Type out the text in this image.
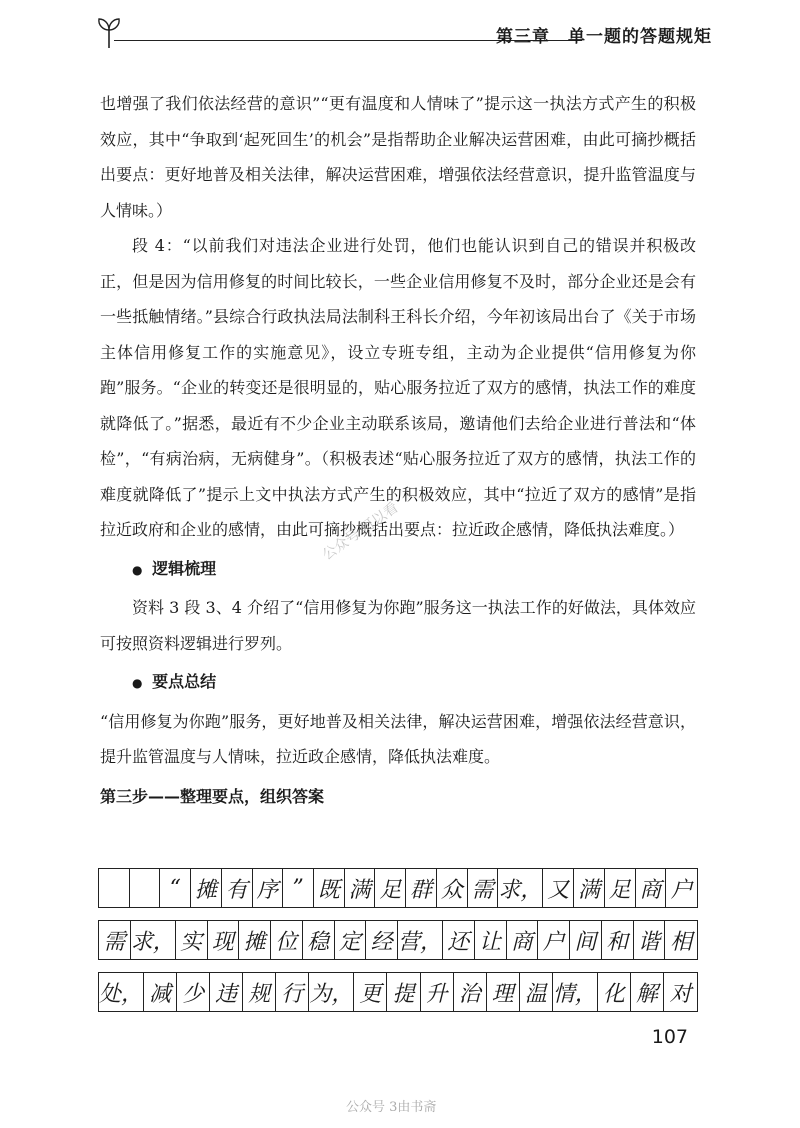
第三章　单一题的答题规矩

也增强了我们依法经营的意识”“更有温度和人情味了”提示这一执法方式产生的积极效应，其中“争取到‘起死回生’的机会”是指帮助企业解决运营困难，由此可摘抄概括出要点：更好地普及相关法律，解决运营困难，增强依法经营意识，提升监管温度与人情味。）

段 4：“以前我们对违法企业进行处罚，他们也能认识到自己的错误并积极改正，但是因为信用修复的时间比较长，一些企业信用修复不及时，部分企业还是会有一些抵触情绪。”县综合行政执法局法制科王科长介绍，今年初该局出台了《关于市场主体信用修复工作的实施意见》，设立专班专组，主动为企业提供“信用修复为你跑”服务。“企业的转变还是很明显的，贴心服务拉近了双方的感情，执法工作的难度就降低了。”据悉，最近有不少企业主动联系该局，邀请他们去给企业进行普法和“体检”，“有病治病，无病健身”。（积极表述“贴心服务拉近了双方的感情，执法工作的难度就降低了”提示上文中执法方式产生的积极效应，其中“拉近了双方的感情”是指拉近政府和企业的感情，由此可摘抄概括出要点：拉近政企感情，降低执法难度。）

● 逻辑梳理

资料 3 段 3、4 介绍了“信用修复为你跑”服务这一执法工作的好做法，具体效应可按照资料逻辑进行罗列。

● 要点总结

“信用修复为你跑”服务，更好地普及相关法律，解决运营困难，增强依法经营意识，提升监管温度与人情味，拉近政企感情，降低执法难度。

第三步——整理要点，组织答案

“ 摊 有 序 ” 既 满 足 群 众 需 求， 又 满 足 商 户
需 求， 实 现 摊 位 稳 定 经 营， 还 让 商 户 间 和 谐 相
处， 减 少 违 规 行 为， 更 提 升 治 理 温 情， 化 解 对
107
公众号 3由书斋
公众号 可以看
